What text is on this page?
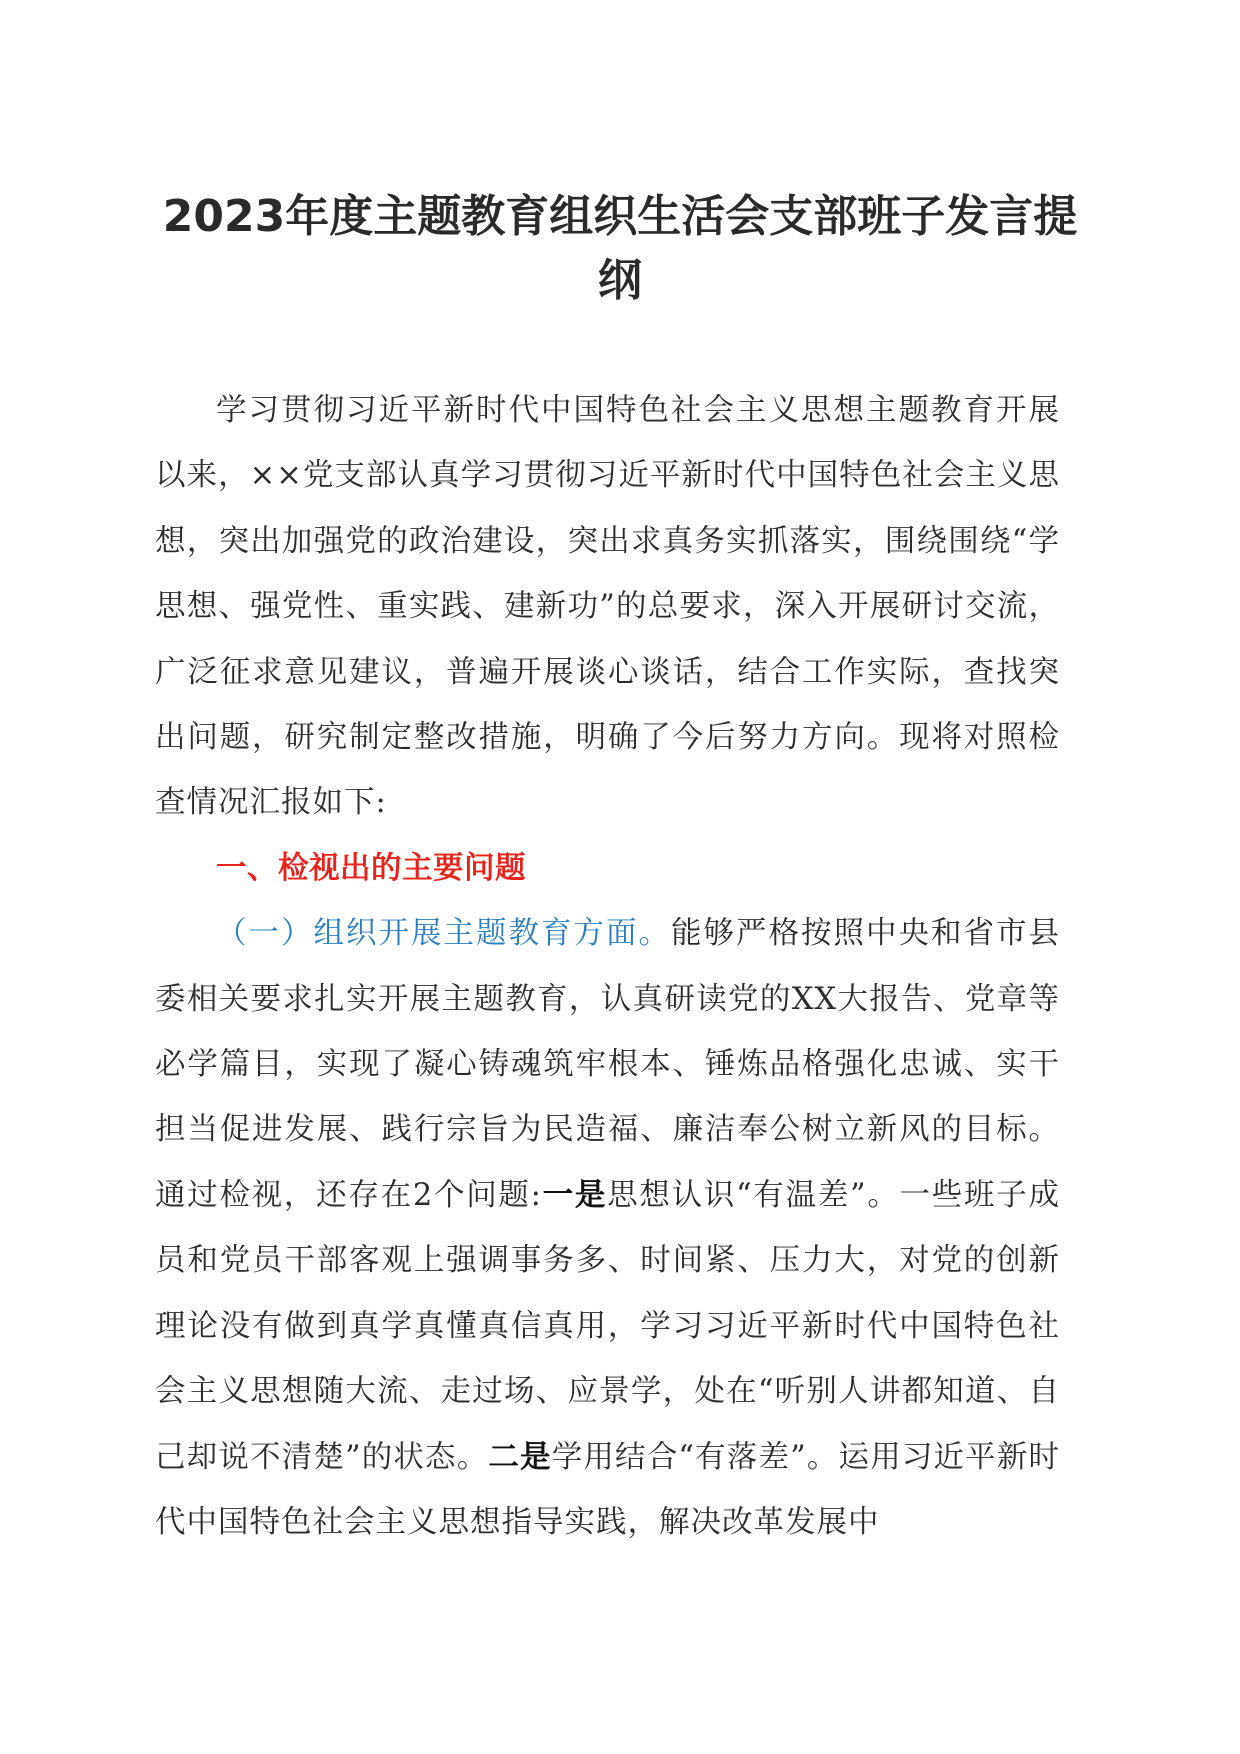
2023年度主题教育组织生活会支部班子发言提纲

学习贯彻习近平新时代中国特色社会主义思想主题教育开展以来，××党支部认真学习贯彻习近平新时代中国特色社会主义思想，突出加强党的政治建设，突出求真务实抓落实，围绕围绕“学思想、强党性、重实践、建新功”的总要求，深入开展研讨交流，广泛征求意见建议，普遍开展谈心谈话，结合工作实际，查找突出问题，研究制定整改措施，明确了今后努力方向。现将对照检查情况汇报如下:

一、检视出的主要问题

（一）组织开展主题教育方面。能够严格按照中央和省市县委相关要求扎实开展主题教育，认真研读党的XX大报告、党章等必学篇目，实现了凝心铸魂筑牢根本、锤炼品格强化忠诚、实干担当促进发展、践行宗旨为民造福、廉洁奉公树立新风的目标。通过检视，还存在2个问题:一是思想认识“有温差”。一些班子成员和党员干部客观上强调事务多、时间紧、压力大，对党的创新理论没有做到真学真懂真信真用，学习习近平新时代中国特色社会主义思想随大流、走过场、应景学，处在“听别人讲都知道、自己却说不清楚”的状态。二是学用结合“有落差”。运用习近平新时代中国特色社会主义思想指导实践，解决改革发展中
